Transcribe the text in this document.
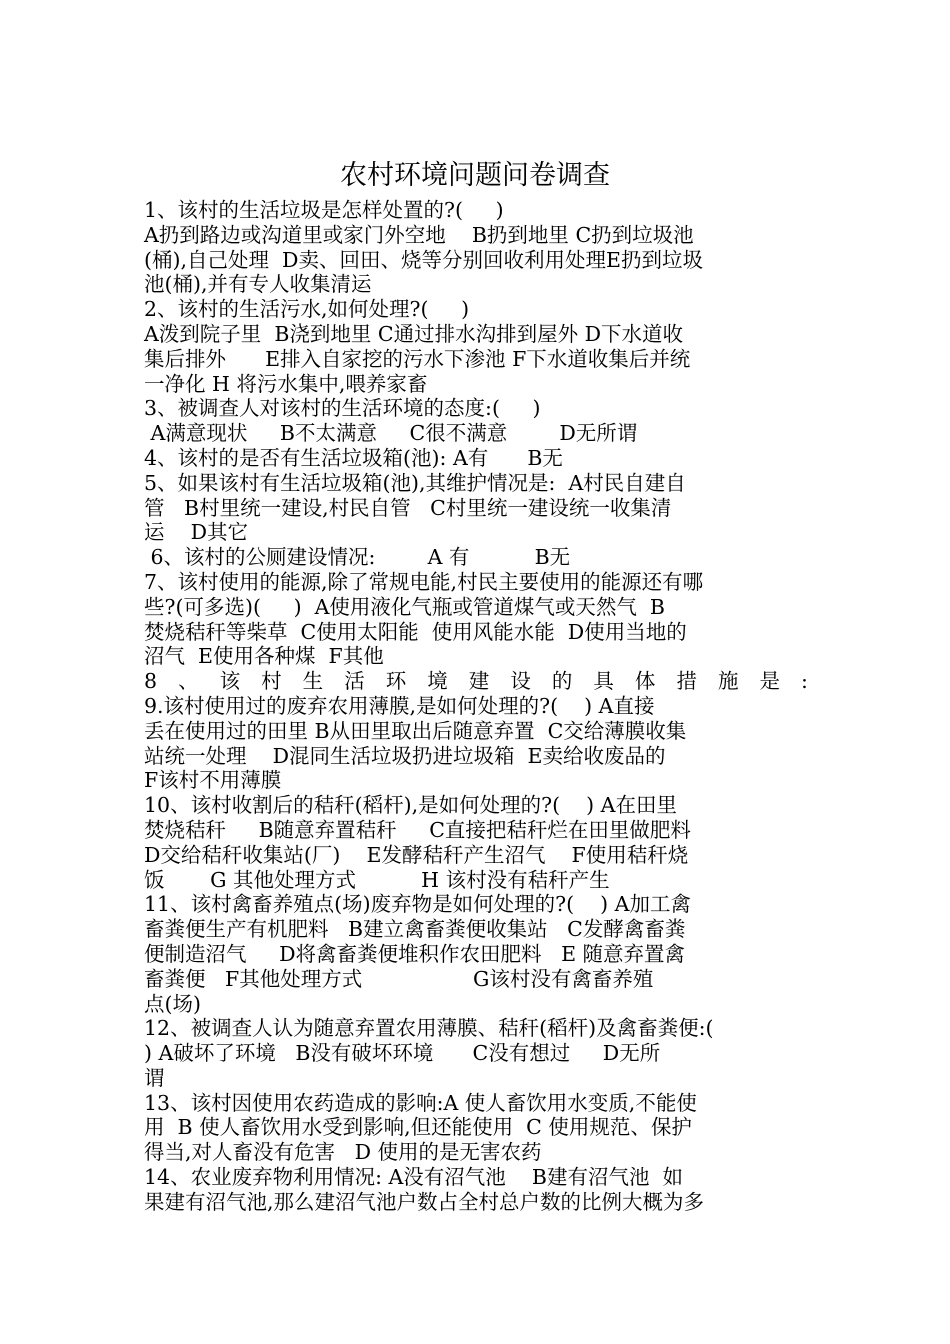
农村环境问题问卷调查
1、该村的生活垃圾是怎样处置的?(     )
A扔到路边或沟道里或家门外空地    B扔到地里 C扔到垃圾池
(桶),自己处理  D卖、回田、烧等分别回收利用处理E扔到垃圾
池(桶),并有专人收集清运
2、该村的生活污水,如何处理?(     )
A泼到院子里  B浇到地里 C通过排水沟排到屋外 D下水道收
集后排外      E排入自家挖的污水下渗池 F下水道收集后并统
一净化 H 将污水集中,喂养家畜
3、被调查人对该村的生活环境的态度:(     )
A满意现状     B不太满意     C很不满意        D无所谓
4、该村的是否有生活垃圾箱(池): A有      B无
5、如果该村有生活垃圾箱(池),其维护情况是:  A村民自建自
管   B村里统一建设,村民自管   C村里统一建设统一收集清
运    D其它
6、该村的公厕建设情况:        A 有          B无
7、该村使用的能源,除了常规电能,村民主要使用的能源还有哪
些?(可多选)(     )  A使用液化气瓶或管道煤气或天然气  B
焚烧秸秆等柴草  C使用太阳能  使用风能水能  D使用当地的
沼气  E使用各种煤  F其他
8 、 该 村 生 活 环 境 建 设 的 具 体 措 施 是 :
9.该村使用过的废弃农用薄膜,是如何处理的?(    ) A直接
丢在使用过的田里 B从田里取出后随意弃置  C交给薄膜收集
站统一处理    D混同生活垃圾扔进垃圾箱  E卖给收废品的
F该村不用薄膜
10、该村收割后的秸秆(稻杆),是如何处理的?(    ) A在田里
焚烧秸秆     B随意弃置秸秆     C直接把秸秆烂在田里做肥料
D交给秸秆收集站(厂)    E发酵秸秆产生沼气    F使用秸秆烧
饭       G 其他处理方式          H 该村没有秸秆产生
11、该村禽畜养殖点(场)废弃物是如何处理的?(    ) A加工禽
畜粪便生产有机肥料   B建立禽畜粪便收集站   C发酵禽畜粪
便制造沼气     D将禽畜粪便堆积作农田肥料   E 随意弃置禽
畜粪便   F其他处理方式                 G该村没有禽畜养殖
点(场)
12、被调查人认为随意弃置农用薄膜、秸秆(稻杆)及禽畜粪便:(
) A破坏了环境   B没有破坏环境      C没有想过     D无所
谓
13、该村因使用农药造成的影响:A 使人畜饮用水变质,不能使
用  B 使人畜饮用水受到影响,但还能使用  C 使用规范、保护
得当,对人畜没有危害   D 使用的是无害农药
14、农业废弃物利用情况: A没有沼气池    B建有沼气池  如
果建有沼气池,那么建沼气池户数占全村总户数的比例大概为多
